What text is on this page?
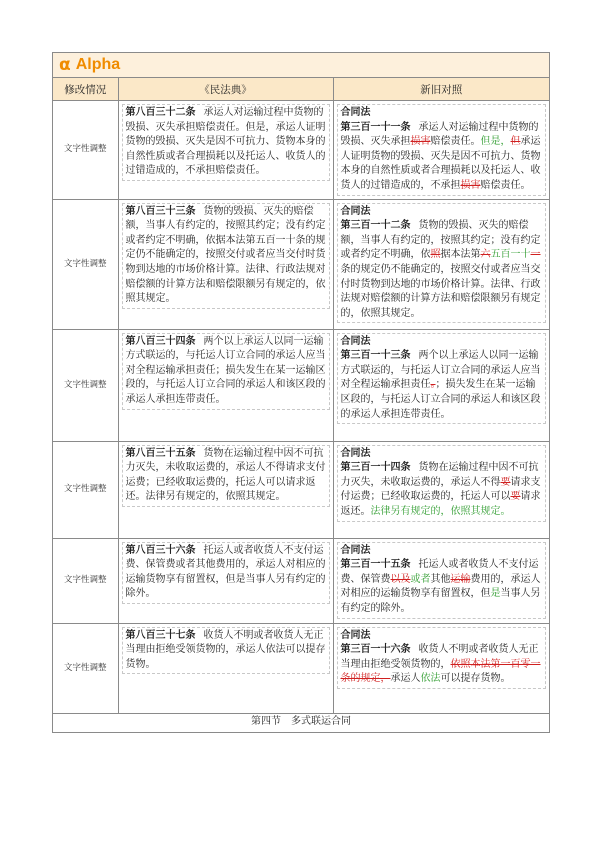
α Alpha
修改情况	《民法典》	新旧对照
文字性调整	第八百三十二条 承运人对运输过程中货物的毁损、灭失承担赔偿责任。但是，承运人证明货物的毁损、灭失是因不可抗力、货物本身的自然性质或者合理损耗以及托运人、收货人的过错造成的，不承担赔偿责任。	合同法
第三百一十一条 承运人对运输过程中货物的毁损、灭失承担损害赔偿责任。但是，但承运人证明货物的毁损、灭失是因不可抗力、货物本身的自然性质或者合理损耗以及托运人、收货人的过错造成的，不承担损害赔偿责任。

文字性调整	第八百三十三条 货物的毁损、灭失的赔偿额，当事人有约定的，按照其约定；没有约定或者约定不明确，依据本法第五百一十条的规定仍不能确定的，按照交付或者应当交付时货物到达地的市场价格计算。法律、行政法规对赔偿额的计算方法和赔偿限额另有规定的，依照其规定。	合同法
第三百一十二条 货物的毁损、灭失的赔偿额，当事人有约定的，按照其约定；没有约定或者约定不明确，依照据本法第六五百一十一条的规定仍不能确定的，按照交付或者应当交付时货物到达地的市场价格计算。法律、行政法规对赔偿额的计算方法和赔偿限额另有规定的，依照其规定。

文字性调整	第八百三十四条 两个以上承运人以同一运输方式联运的，与托运人订立合同的承运人应当对全程运输承担责任；损失发生在某一运输区段的，与托运人订立合同的承运人和该区段的承运人承担连带责任。	合同法
第三百一十三条 两个以上承运人以同一运输方式联运的，与托运人订立合同的承运人应当对全程运输承担责任。；损失发生在某一运输区段的，与托运人订立合同的承运人和该区段的承运人承担连带责任。

文字性调整	第八百三十五条 货物在运输过程中因不可抗力灭失，未收取运费的，承运人不得请求支付运费；已经收取运费的，托运人可以请求返还。法律另有规定的，依照其规定。	合同法
第三百一十四条 货物在运输过程中因不可抗力灭失，未收取运费的，承运人不得要请求支付运费；已经收取运费的，托运人可以要请求返还。法律另有规定的，依照其规定。

文字性调整	第八百三十六条 托运人或者收货人不支付运费、保管费或者其他费用的，承运人对相应的运输货物享有留置权，但是当事人另有约定的除外。	合同法
第三百一十五条 托运人或者收货人不支付运费、保管费以及或者其他运输费用的，承运人对相应的运输货物享有留置权，但是当事人另有约定的除外。

文字性调整	第八百三十七条 收货人不明或者收货人无正当理由拒绝受领货物的，承运人依法可以提存货物。	合同法
第三百一十六条 收货人不明或者收货人无正当理由拒绝受领货物的，依照本法第一百零一条的规定，承运人依法可以提存货物。

第四节　多式联运合同		
